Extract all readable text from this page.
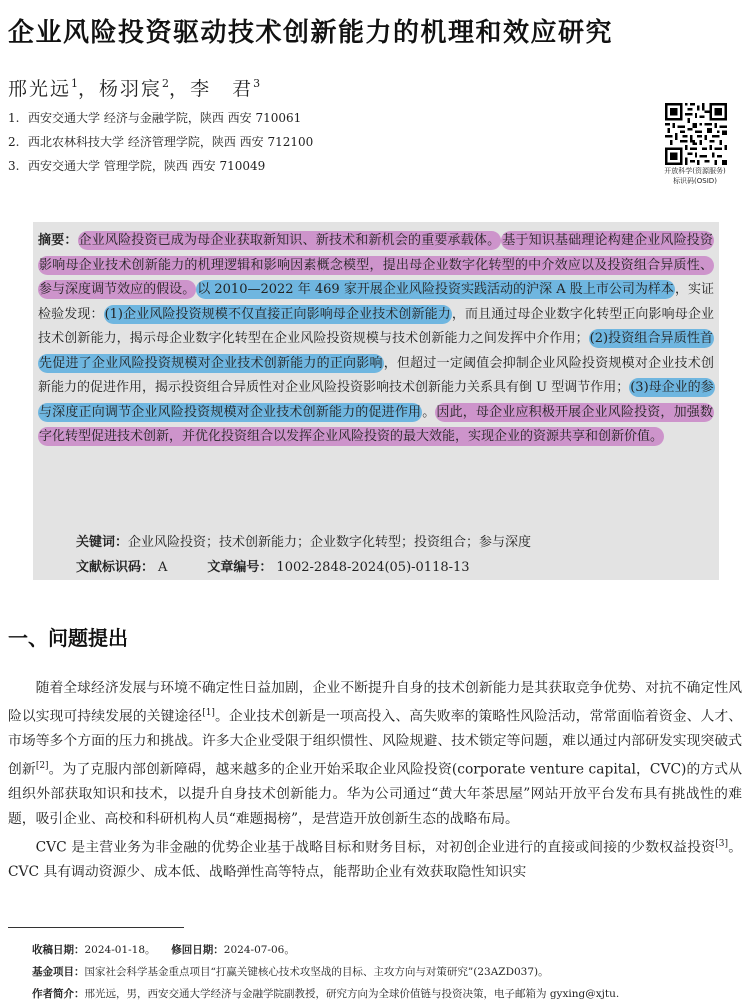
企业风险投资驱动技术创新能力的机理和效应研究
邢光远$^1$，杨羽宸$^2$，李　君$^3$
1. 西安交通大学 经济与金融学院，陕西 西安 710061
2. 西北农林科技大学 经济管理学院，陕西 西安 712100
3. 西安交通大学 管理学院，陕西 西安 710049	开放科学(资源服务)
标识码(OSID)

摘要：企业风险投资已成为母企业获取新知识、新技术和新机会的重要承载体。 基于知识基础理论构建企业风险投资影响母企业技术创新能力的机理逻辑和影响因素概念模型，提出母企业数字化转型的中介效应以及投资组合异质性、参与深度调节效应的假设。 以 2010—2022 年 469 家开展企业风险投资实践活动的沪深 A 股上市公司为样本，实证检验发现：(1)企业风险投资规模不仅直接正向影响母企业技术创新能力，而且通过母企业数字化转型正向影响母企业技术创新能力，揭示母企业数字化转型在企业风险投资规模与技术创新能力之间发挥中介作用；(2)投资组合异质性首先促进了企业风险投资规模对企业技术创新能力的正向影响，但超过一定阈值会抑制企业风险投资规模对企业技术创新能力的促进作用，揭示投资组合异质性对企业风险投资影响技术创新能力关系具有倒 U 型调节作用；(3)母企业的参与深度正向调节企业风险投资规模对企业技术创新能力的促进作用。因此，母企业应积极开展企业风险投资，加强数字化转型促进技术创新，并优化投资组合以发挥企业风险投资的最大效能，实现企业的资源共享和创新价值。

关键词：企业风险投资；技术创新能力；企业数字化转型；投资组合；参与深度
文献标识码： A	文章编号： 1002-2848-2024(05)-0118-13
一、问题提出

随着全球经济发展与环境不确定性日益加剧，企业不断提升自身的技术创新能力是其获取竞争优势、对抗不确定性风险以实现可持续发展的关键途径[1]。企业技术创新是一项高投入、高失败率的策略性风险活动，常常面临着资金、人才、市场等多个方面的压力和挑战。许多大企业受限于组织惯性、风险规避、技术锁定等问题，难以通过内部研发实现突破式创新[2]。为了克服内部创新障碍，越来越多的企业开始采取企业风险投资(corporate venture capital，CVC)的方式从组织外部获取知识和技术，以提升自身技术创新能力。华为公司通过“黄大年茶思屋”网站开放平台发布具有挑战性的难题，吸引企业、高校和科研机构人员“难题揭榜”，是营造开放创新生态的战略布局。

CVC 是主营业务为非金融的优势企业基于战略目标和财务目标，对初创企业进行的直接或间接的少数权益投资[3]。CVC 具有调动资源少、成本低、战略弹性高等特点，能帮助企业有效获取隐性知识实

收稿日期：2024-01-18。　　 修回日期：2024-07-06。
基金项目：国家社会科学基金重点项目“打赢关键核心技术攻坚战的目标、主攻方向与对策研究”(23AZD037)。
作者简介：邢光远，男，西安交通大学经济与金融学院副教授，研究方向为全球价值链与投资决策，电子邮箱为 gyxing@xjtu.
